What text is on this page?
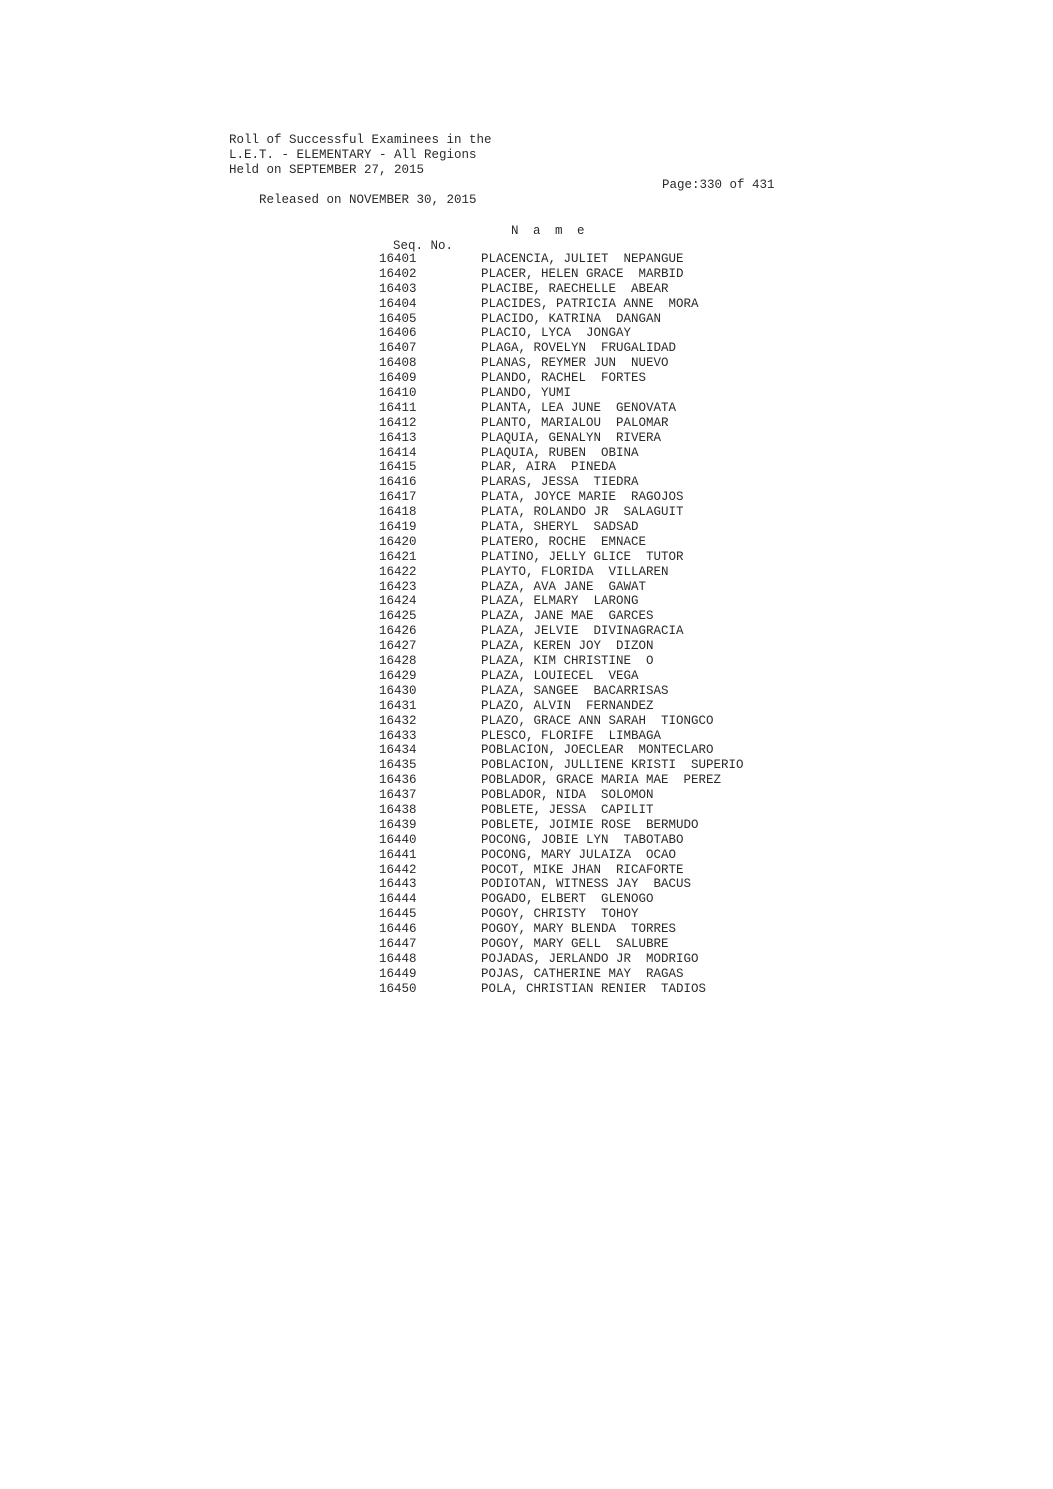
Roll of Successful Examinees in the
L.E.T. - ELEMENTARY - All Regions
Held on SEPTEMBER 27, 2015

Released on NOVEMBER 30, 2015

Page:330 of 431

Seq. No.

N a m e

16401	PLACENCIA, JULIET  NEPANGUE
16402	PLACER, HELEN GRACE  MARBID
16403	PLACIBE, RAECHELLE  ABEAR
16404	PLACIDES, PATRICIA ANNE  MORA
16405	PLACIDO, KATRINA  DANGAN
16406	PLACIO, LYCA  JONGAY
16407	PLAGA, ROVELYN  FRUGALIDAD
16408	PLANAS, REYMER JUN  NUEVO
16409	PLANDO, RACHEL  FORTES
16410	PLANDO, YUMI
16411	PLANTA, LEA JUNE  GENOVATA
16412	PLANTO, MARIALOU  PALOMAR
16413	PLAQUIA, GENALYN  RIVERA
16414	PLAQUIA, RUBEN  OBINA
16415	PLAR, AIRA  PINEDA
16416	PLARAS, JESSA  TIEDRA
16417	PLATA, JOYCE MARIE  RAGOJOS
16418	PLATA, ROLANDO JR  SALAGUIT
16419	PLATA, SHERYL  SADSAD
16420	PLATERO, ROCHE  EMNACE
16421	PLATINO, JELLY GLICE  TUTOR
16422	PLAYTO, FLORIDA  VILLAREN
16423	PLAZA, AVA JANE  GAWAT
16424	PLAZA, ELMARY  LARONG
16425	PLAZA, JANE MAE  GARCES
16426	PLAZA, JELVIE  DIVINAGRACIA
16427	PLAZA, KEREN JOY  DIZON
16428	PLAZA, KIM CHRISTINE  O
16429	PLAZA, LOUIECEL  VEGA
16430	PLAZA, SANGEE  BACARRISAS
16431	PLAZO, ALVIN  FERNANDEZ
16432	PLAZO, GRACE ANN SARAH  TIONGCO
16433	PLESCO, FLORIFE  LIMBAGA
16434	POBLACION, JOECLEAR  MONTECLARO
16435	POBLACION, JULLIENE KRISTI  SUPERIO
16436	POBLADOR, GRACE MARIA MAE  PEREZ
16437	POBLADOR, NIDA  SOLOMON
16438	POBLETE, JESSA  CAPILIT
16439	POBLETE, JOIMIE ROSE  BERMUDO
16440	POCONG, JOBIE LYN  TABOTABO
16441	POCONG, MARY JULAIZA  OCAO
16442	POCOT, MIKE JHAN  RICAFORTE
16443	PODIOTAN, WITNESS JAY  BACUS
16444	POGADO, ELBERT  GLENOGO
16445	POGOY, CHRISTY  TOHOY
16446	POGOY, MARY BLENDA  TORRES
16447	POGOY, MARY GELL  SALUBRE
16448	POJADAS, JERLANDO JR  MODRIGO
16449	POJAS, CATHERINE MAY  RAGAS
16450	POLA, CHRISTIAN RENIER  TADIOS
